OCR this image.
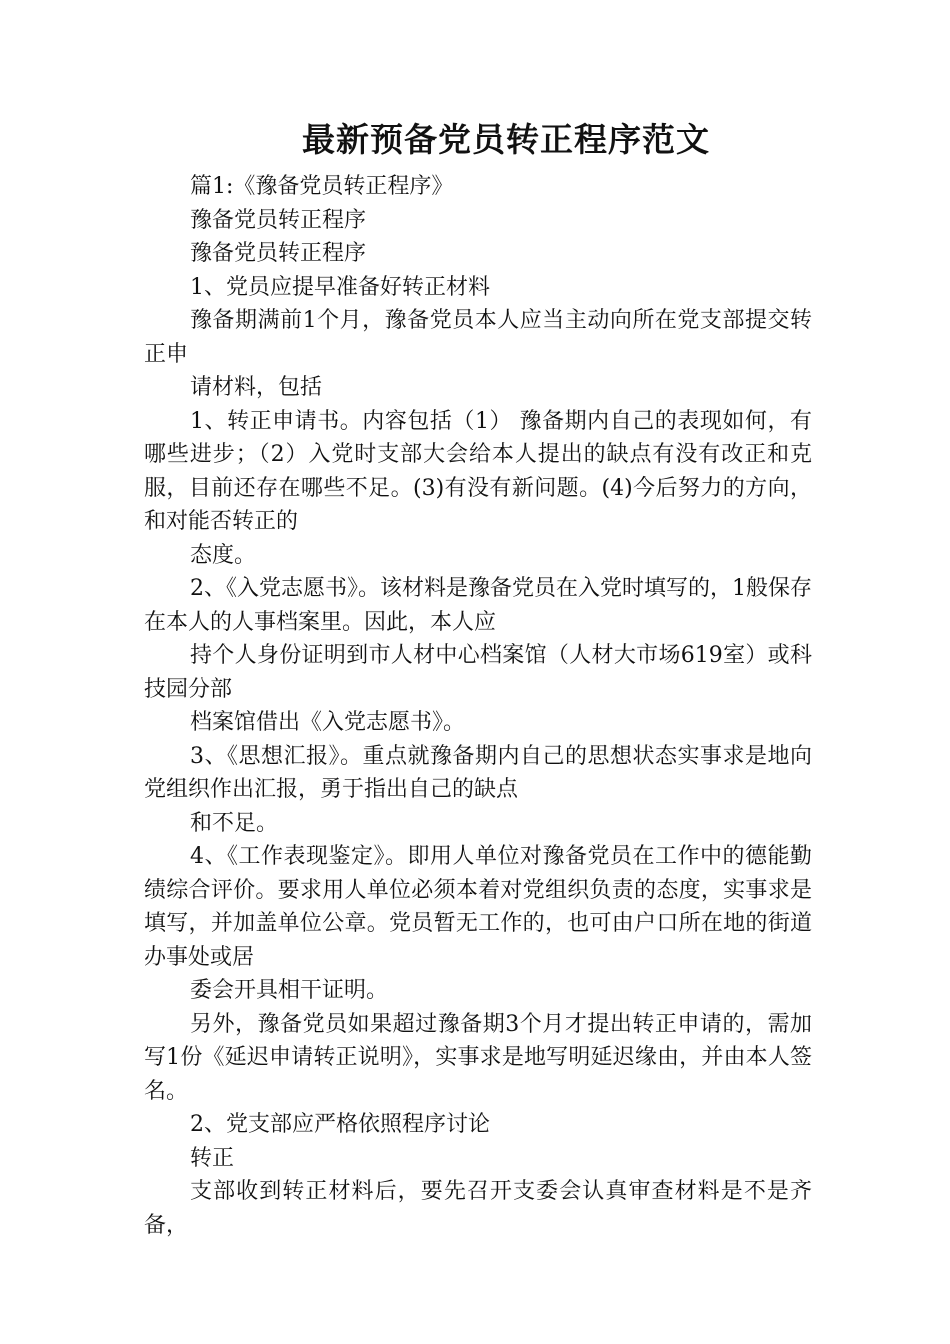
最新预备党员转正程序范文

篇1:《豫备党员转正程序》

豫备党员转正程序

豫备党员转正程序

1、党员应提早准备好转正材料

豫备期满前1个月，豫备党员本人应当主动向所在党支部提交转正申

请材料，包括

1、转正申请书。内容包括（1） 豫备期内自己的表现如何，有哪些进步；（2）入党时支部大会给本人提出的缺点有没有改正和克服，目前还存在哪些不足。(3)有没有新问题。(4)今后努力的方向，和对能否转正的

态度。

2、《入党志愿书》。该材料是豫备党员在入党时填写的，1般保存在本人的人事档案里。因此，本人应

持个人身份证明到市人材中心档案馆（人材大市场619室）或科技园分部

档案馆借出《入党志愿书》。

3、《思想汇报》。重点就豫备期内自己的思想状态实事求是地向党组织作出汇报，勇于指出自己的缺点

和不足。

4、《工作表现鉴定》。即用人单位对豫备党员在工作中的德能勤绩综合评价。要求用人单位必须本着对党组织负责的态度，实事求是填写，并加盖单位公章。党员暂无工作的，也可由户口所在地的街道办事处或居

委会开具相干证明。

另外，豫备党员如果超过豫备期3个月才提出转正申请的，需加写1份《延迟申请转正说明》，实事求是地写明延迟缘由，并由本人签名。

2、党支部应严格依照程序讨论

转正

支部收到转正材料后，要先召开支委会认真审查材料是不是齐备，
